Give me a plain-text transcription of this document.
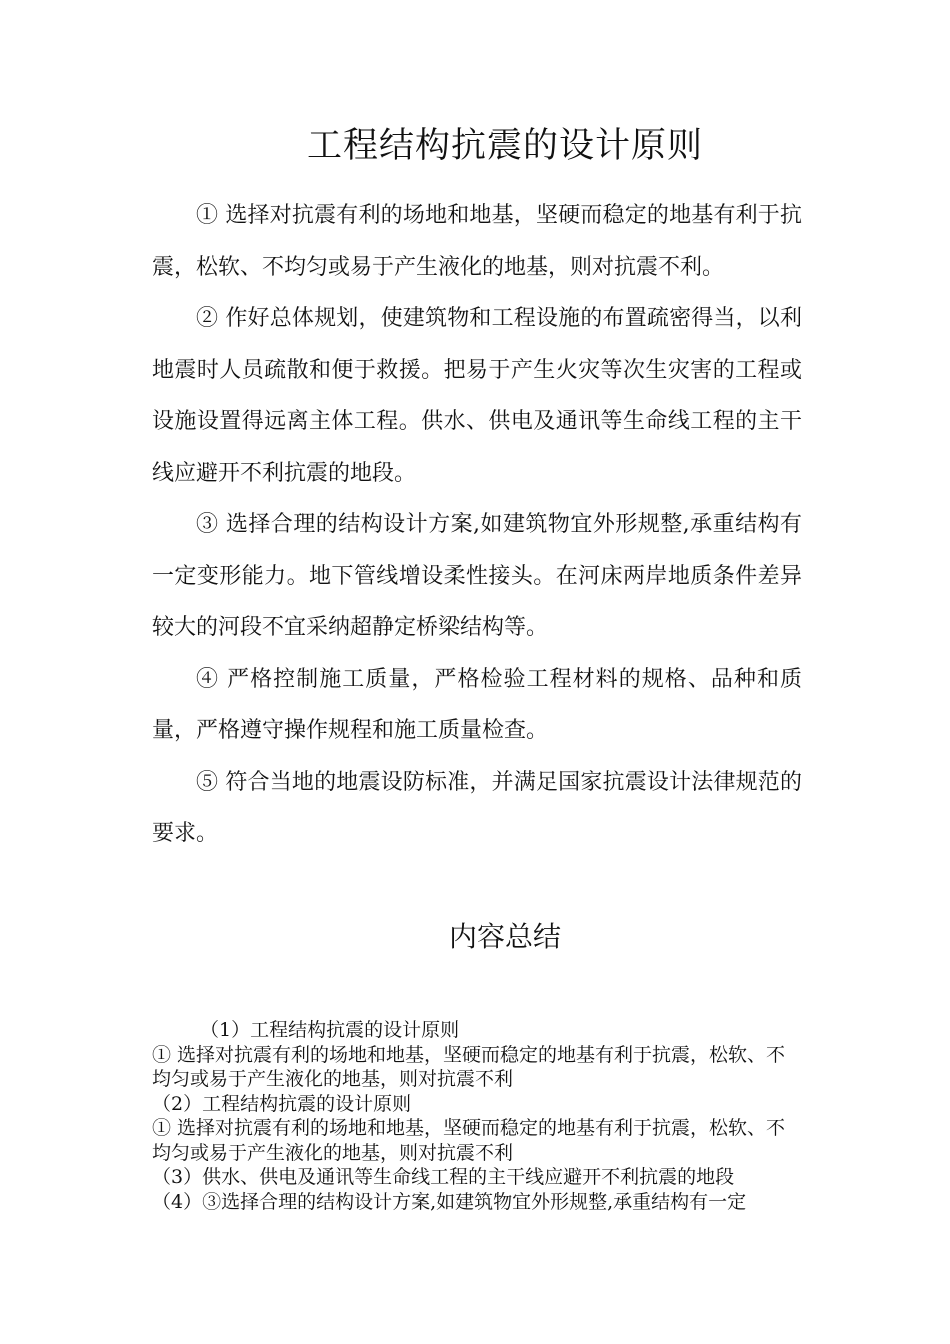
工程结构抗震的设计原则

① 选择对抗震有利的场地和地基，坚硬而稳定的地基有利于抗震，松软、不均匀或易于产生液化的地基，则对抗震不利。

② 作好总体规划，使建筑物和工程设施的布置疏密得当，以利地震时人员疏散和便于救援。把易于产生火灾等次生灾害的工程或设施设置得远离主体工程。供水、供电及通讯等生命线工程的主干线应避开不利抗震的地段。

③ 选择合理的结构设计方案,如建筑物宜外形规整,承重结构有一定变形能力。地下管线增设柔性接头。在河床两岸地质条件差异较大的河段不宜采纳超静定桥梁结构等。

④ 严格控制施工质量，严格检验工程材料的规格、品种和质量，严格遵守操作规程和施工质量检查。

⑤ 符合当地的地震设防标准，并满足国家抗震设计法律规范的要求。

内容总结

（1）工程结构抗震的设计原则

① 选择对抗震有利的场地和地基，坚硬而稳定的地基有利于抗震，松软、不均匀或易于产生液化的地基，则对抗震不利

（2）工程结构抗震的设计原则

① 选择对抗震有利的场地和地基，坚硬而稳定的地基有利于抗震，松软、不均匀或易于产生液化的地基，则对抗震不利

（3）供水、供电及通讯等生命线工程的主干线应避开不利抗震的地段

（4）③选择合理的结构设计方案,如建筑物宜外形规整,承重结构有一定
